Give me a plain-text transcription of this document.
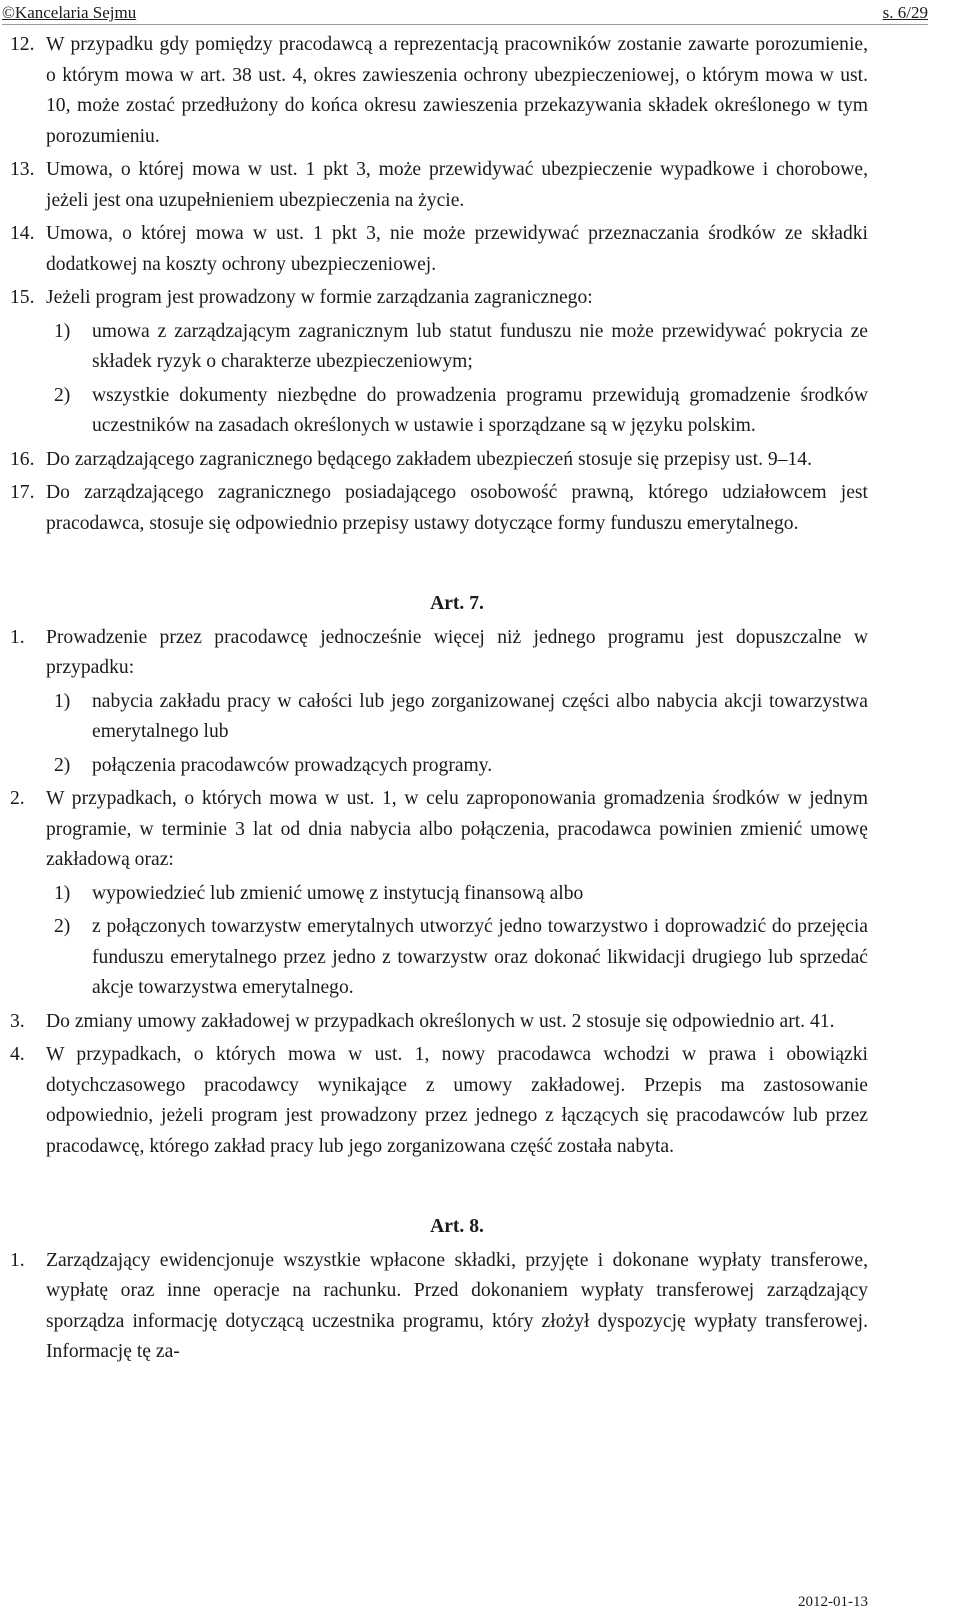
©Kancelaria Sejmu	s. 6/29
12. W przypadku gdy pomiędzy pracodawcą a reprezentacją pracowników zostanie zawarte porozumienie, o którym mowa w art. 38 ust. 4, okres zawieszenia ochrony ubezpieczeniowej, o którym mowa w ust. 10, może zostać przedłużony do końca okresu zawieszenia przekazywania składek określonego w tym porozumieniu.
13. Umowa, o której mowa w ust. 1 pkt 3, może przewidywać ubezpieczenie wypadkowe i chorobowe, jeżeli jest ona uzupełnieniem ubezpieczenia na życie.
14. Umowa, o której mowa w ust. 1 pkt 3, nie może przewidywać przeznaczania środków ze składki dodatkowej na koszty ochrony ubezpieczeniowej.
15. Jeżeli program jest prowadzony w formie zarządzania zagranicznego:
1) umowa z zarządzającym zagranicznym lub statut funduszu nie może przewidywać pokrycia ze składek ryzyk o charakterze ubezpieczeniowym;
2) wszystkie dokumenty niezbędne do prowadzenia programu przewidują gromadzenie środków uczestników na zasadach określonych w ustawie i sporządzane są w języku polskim.
16. Do zarządzającego zagranicznego będącego zakładem ubezpieczeń stosuje się przepisy ust. 9–14.
17. Do zarządzającego zagranicznego posiadającego osobowość prawną, którego udziałowcem jest pracodawca, stosuje się odpowiednio przepisy ustawy dotyczące formy funduszu emerytalnego.
Art. 7.
1. Prowadzenie przez pracodawcę jednocześnie więcej niż jednego programu jest dopuszczalne w przypadku:
1) nabycia zakładu pracy w całości lub jego zorganizowanej części albo nabycia akcji towarzystwa emerytalnego lub
2) połączenia pracodawców prowadzących programy.
2. W przypadkach, o których mowa w ust. 1, w celu zaproponowania gromadzenia środków w jednym programie, w terminie 3 lat od dnia nabycia albo połączenia, pracodawca powinien zmienić umowę zakładową oraz:
1) wypowiedzieć lub zmienić umowę z instytucją finansową albo
2) z połączonych towarzystw emerytalnych utworzyć jedno towarzystwo i doprowadzić do przejęcia funduszu emerytalnego przez jedno z towarzystw oraz dokonać likwidacji drugiego lub sprzedać akcje towarzystwa emerytalnego.
3. Do zmiany umowy zakładowej w przypadkach określonych w ust. 2 stosuje się odpowiednio art. 41.
4. W przypadkach, o których mowa w ust. 1, nowy pracodawca wchodzi w prawa i obowiązki dotychczasowego pracodawcy wynikające z umowy zakładowej. Przepis ma zastosowanie odpowiednio, jeżeli program jest prowadzony przez jednego z łączących się pracodawców lub przez pracodawcę, którego zakład pracy lub jego zorganizowana część została nabyta.
Art. 8.
1. Zarządzający ewidencjonuje wszystkie wpłacone składki, przyjęte i dokonane wypłaty transferowe, wypłatę oraz inne operacje na rachunku. Przed dokonaniem wypłaty transferowej zarządzający sporządza informację dotyczącą uczestnika programu, który złożył dyspozycję wypłaty transferowej. Informację tę za-
2012-01-13
